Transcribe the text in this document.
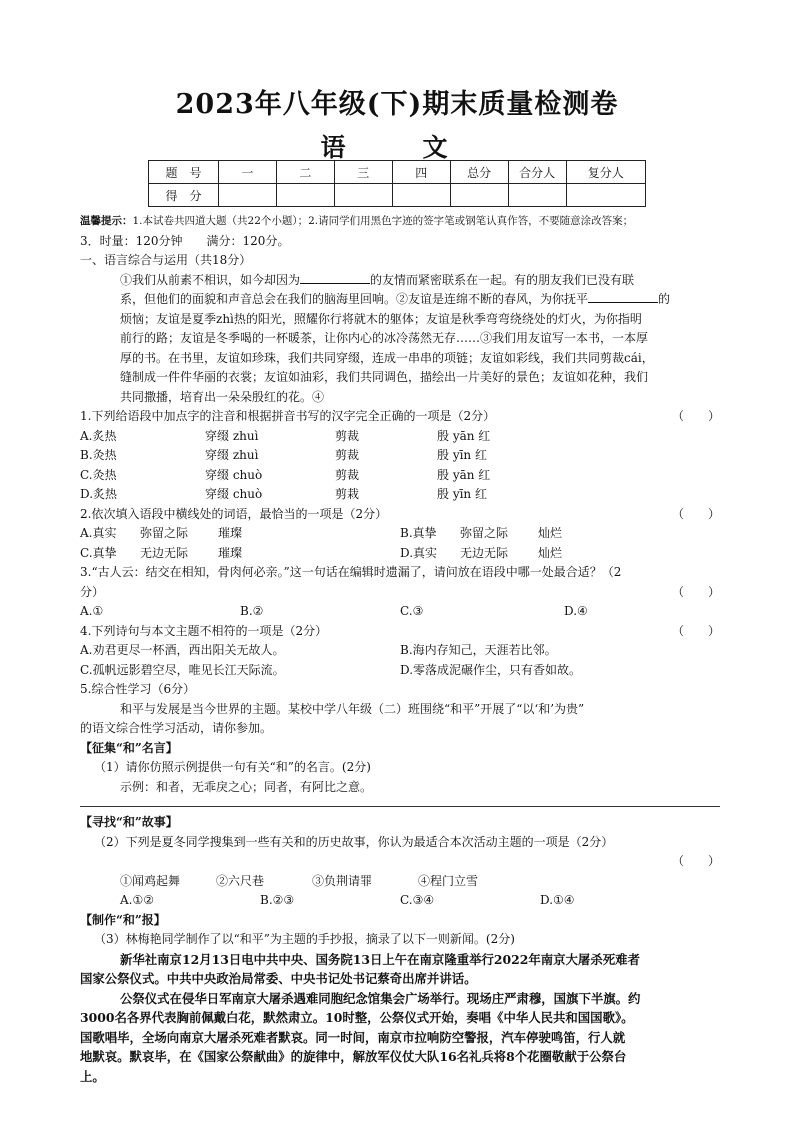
2023年八年级(下)期末质量检测卷
语　文
题　号	一	二	三	四	总分	合分人	复分人
得　分							
温馨提示：1.本试卷共四道大题（共22个小题）；2.请同学们用黑色字迹的签字笔或钢笔认真作答，不要随意涂改答案；
3．时量：120分钟　　满分：120分。
一、语言综合与运用（共18分）
①我们从前素不相识，如今却因为	的友情而紧密联系在一起。有的朋友我们已没有联
系，但他们的面貌和声音总会在我们的脑海里回响。②友谊是连绵不断的春风，为你抚平	的
烦恼；友谊是夏季zhì热的阳光，照耀你行将就木的躯体；友谊是秋季弯弯绕绕处的灯火，为你指明
前行的路；友谊是冬季喝的一杯暖茶，让你内心的冰冷荡然无存……③我们用友谊写一本书，一本厚
厚的书。在书里，友谊如珍珠，我们共同穿缀，连成一串串的项链；友谊如彩线，我们共同剪裁cái，
缝制成一件件华丽的衣裳；友谊如油彩，我们共同调色，描绘出一片美好的景色；友谊如花种，我们
共同撒播，培育出一朵朵殷红的花。④
1.下列给语段中加点字的注音和根据拼音书写的汉字完全正确的一项是（2分）	（　　）
A.炙热	穿缀 zhuì	剪裁	殷 yān 红
B.灸热	穿缀 zhuì	剪裁	殷 yīn 红
C.灸热	穿缀 chuò	剪裁	殷 yān 红
D.炙热	穿缀 chuò	剪栽	殷 yīn 红
2.依次填入语段中横线处的词语，最恰当的一项是（2分）	（　　）
A.真实 弥留之际 璀璨	B.真挚 弥留之际 灿烂
C.真挚 无边无际 璀璨	D.真实 无边无际 灿烂
3.“古人云：结交在相知，骨肉何必亲。”这一句话在编辑时遗漏了，请问放在语段中哪一处最合适？（2
分）	（　　）
A.①	B.②	C.③	D.④
4.下列诗句与本文主题不相符的一项是（2分）	（　　）
A.劝君更尽一杯酒，西出阳关无故人。	B.海内存知己，天涯若比邻。
C.孤帆远影碧空尽，唯见长江天际流。	D.零落成泥碾作尘，只有香如故。
5.综合性学习（6分）
和平与发展是当今世界的主题。某校中学八年级（二）班围绕“和平”开展了“以‘和’为贵”
的语文综合性学习活动，请你参加。
【征集“和”名言】
（1）请你仿照示例提供一句有关“和”的名言。(2分)
示例：和者，无乖戾之心；同者，有阿比之意。
【寻找“和”故事】
（2）下列是夏冬同学搜集到一些有关和的历史故事，你认为最适合本次活动主题的一项是（2分）
（　　）
①闻鸡起舞	②六尺巷	③负荆请罪	④程门立雪
A.①②	B.②③	C.③④	D.①④
【制作“和”报】
（3）林梅艳同学制作了以“和平”为主题的手抄报，摘录了以下一则新闻。(2分)
新华社南京12月13日电中共中央、国务院13日上午在南京隆重举行2022年南京大屠杀死难者
国家公祭仪式。中共中央政治局常委、中央书记处书记蔡奇出席并讲话。
公祭仪式在侵华日军南京大屠杀遇难同胞纪念馆集会广场举行。现场庄严肃穆，国旗下半旗。约
3000名各界代表胸前佩戴白花，默然肃立。10时整，公祭仪式开始，奏唱《中华人民共和国国歌》。
国歌唱毕，全场向南京大屠杀死难者默哀。同一时间，南京市拉响防空警报，汽车停驶鸣笛，行人就
地默哀。默哀毕，在《国家公祭献曲》的旋律中，解放军仪仗大队16名礼兵将8个花圈敬献于公祭台
上。
